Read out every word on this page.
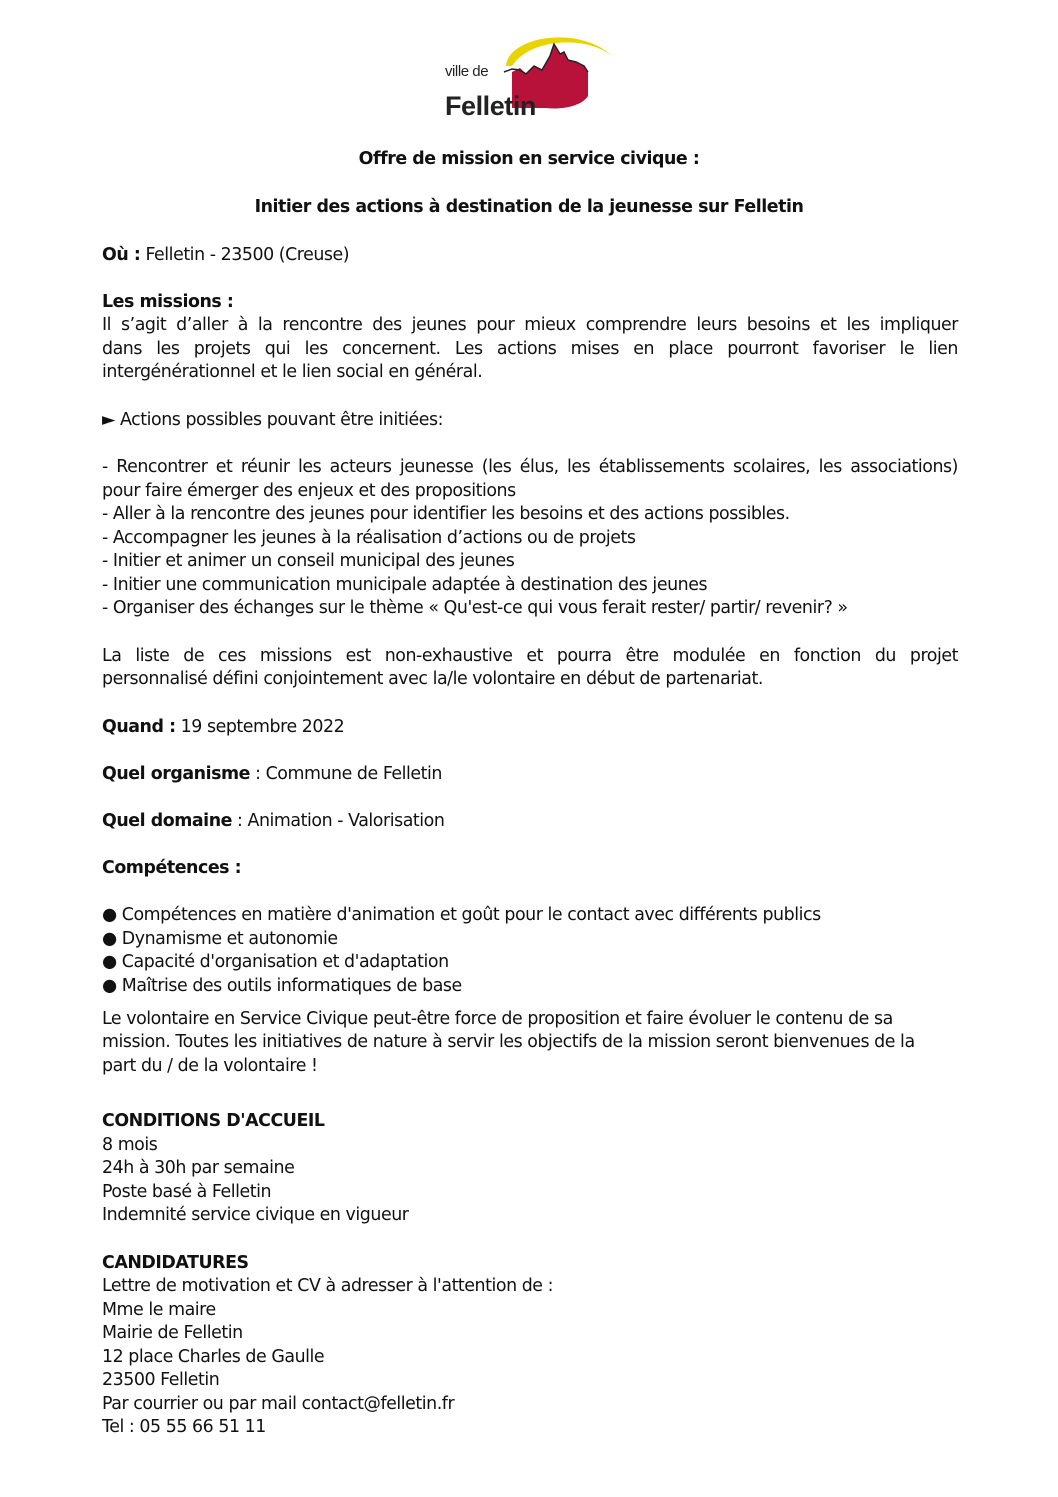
ville de
Felletin
Offre de mission en service civique :
Initier des actions à destination de la jeunesse sur Felletin
Où : Felletin - 23500 (Creuse)
Les missions :
Il s’agit d’aller à la rencontre des jeunes pour mieux comprendre leurs besoins et les impliquer
dans les projets qui les concernent. Les actions mises en place pourront favoriser le lien
intergénérationnel et le lien social en général.
► Actions possibles pouvant être initiées:
- Rencontrer et réunir les acteurs jeunesse (les élus, les établissements scolaires, les associations)
pour faire émerger des enjeux et des propositions
- Aller à la rencontre des jeunes pour identifier les besoins et des actions possibles.
- Accompagner les jeunes à la réalisation d’actions ou de projets
- Initier et animer un conseil municipal des jeunes
- Initier une communication municipale adaptée à destination des jeunes
- Organiser des échanges sur le thème « Qu'est-ce qui vous ferait rester/ partir/ revenir? »
La liste de ces missions est non-exhaustive et pourra être modulée en fonction du projet
personnalisé défini conjointement avec la/le volontaire en début de partenariat.
Quand : 19 septembre 2022
Quel organisme : Commune de Felletin
Quel domaine : Animation - Valorisation
Compétences :
● Compétences en matière d'animation et goût pour le contact avec différents publics
● Dynamisme et autonomie
● Capacité d'organisation et d'adaptation
● Maîtrise des outils informatiques de base
Le volontaire en Service Civique peut-être force de proposition et faire évoluer le contenu de sa
mission. Toutes les initiatives de nature à servir les objectifs de la mission seront bienvenues de la
part du / de la volontaire !
CONDITIONS D'ACCUEIL
8 mois
24h à 30h par semaine
Poste basé à Felletin
Indemnité service civique en vigueur
CANDIDATURES
Lettre de motivation et CV à adresser à l'attention de :
Mme le maire
Mairie de Felletin
12 place Charles de Gaulle
23500 Felletin
Par courrier ou par mail contact@felletin.fr
Tel : 05 55 66 51 11
